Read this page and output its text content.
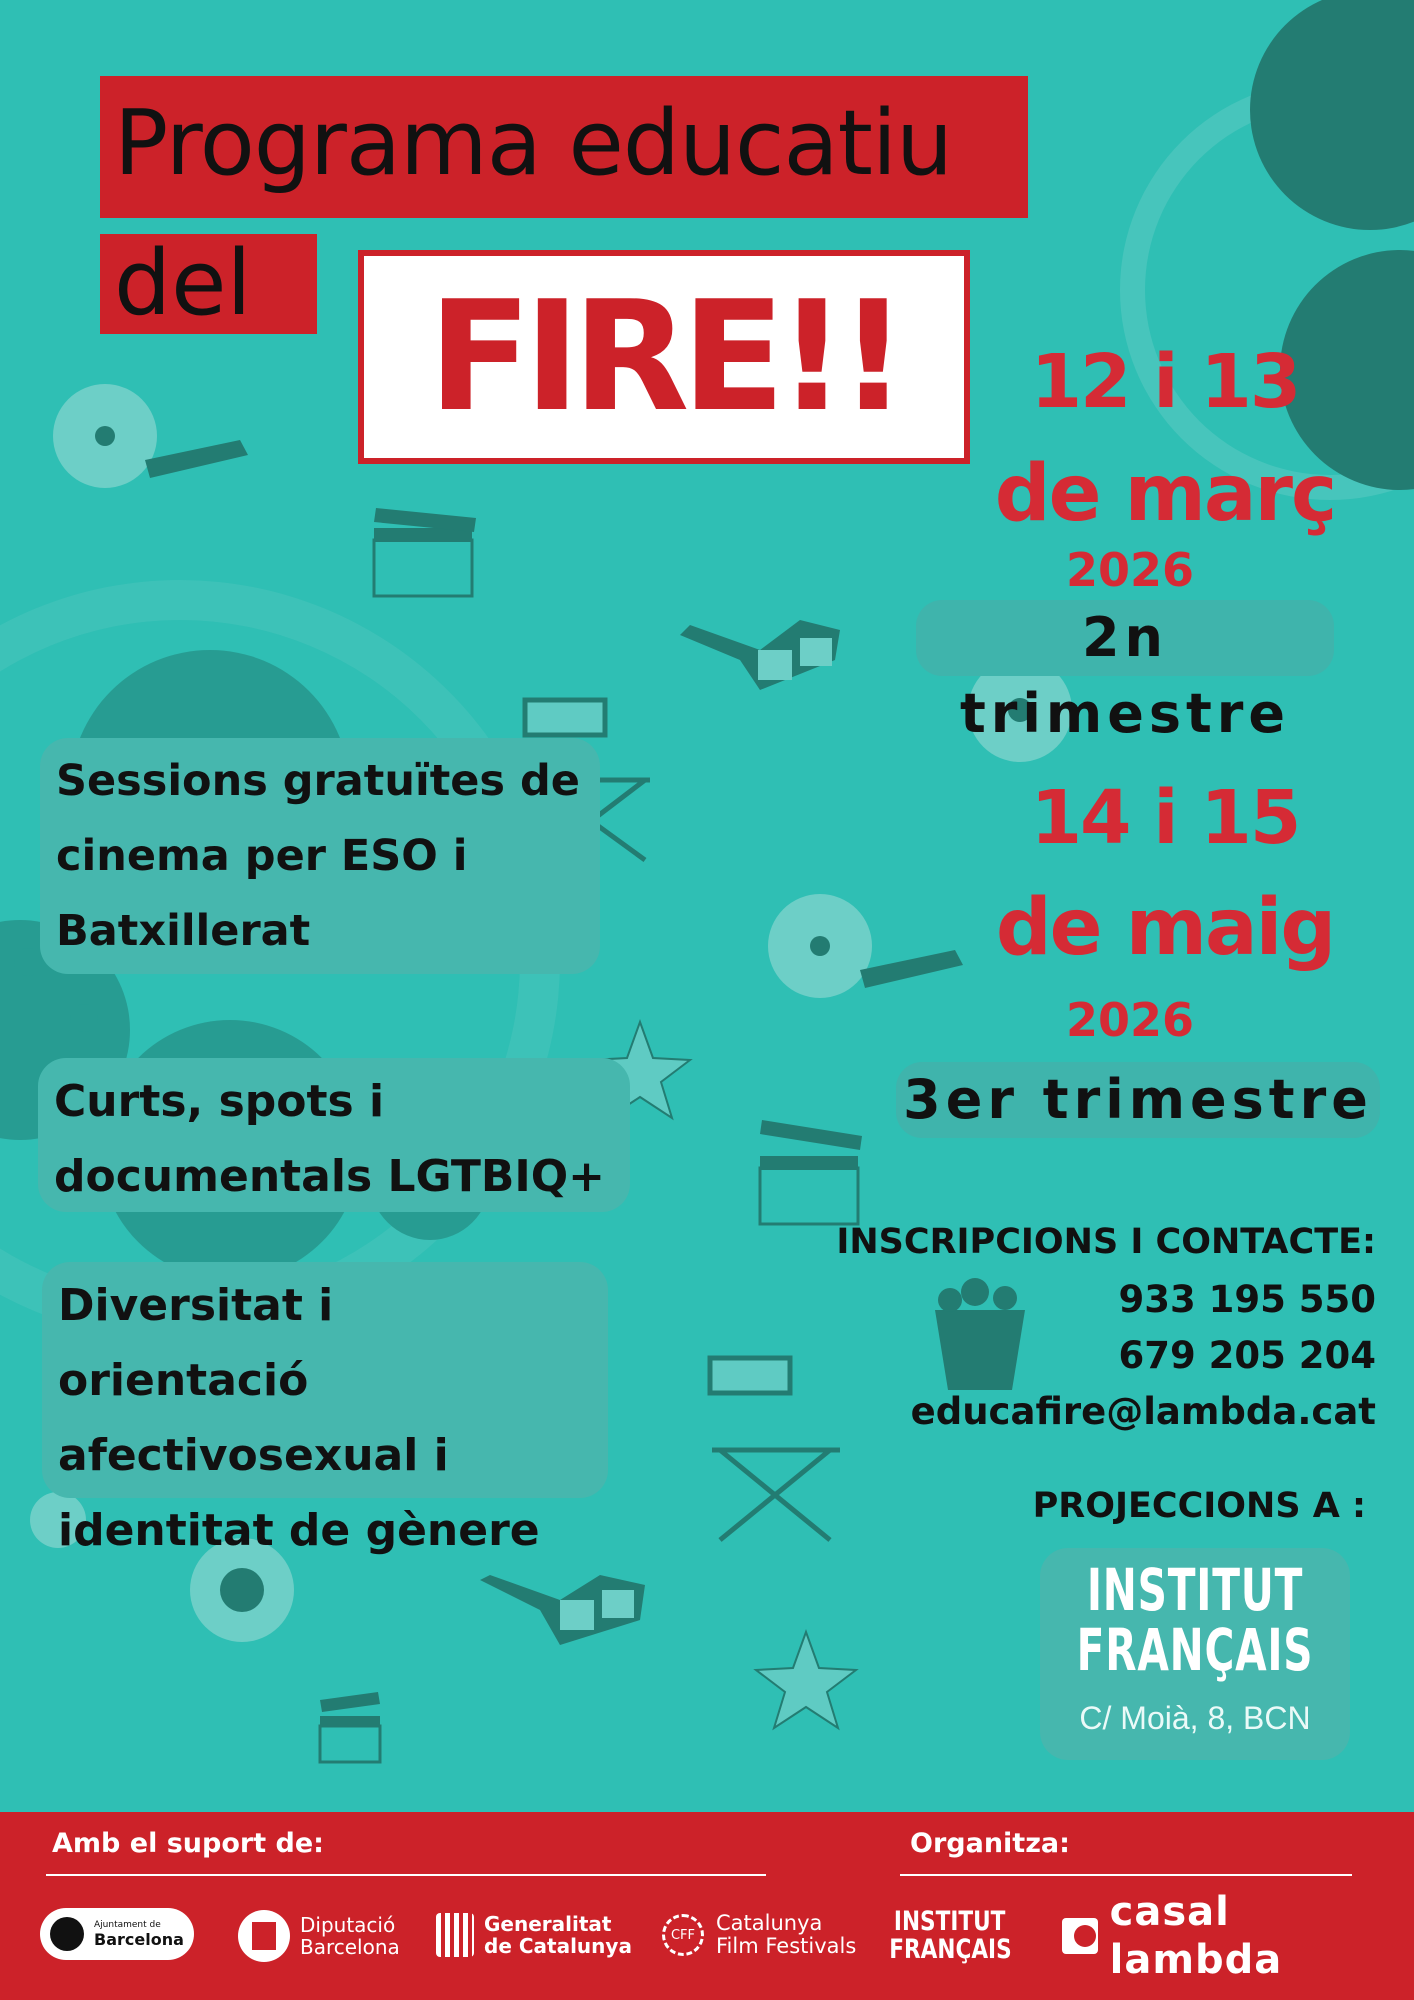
Programa educatiu
del FIRE!!	12 i 13
de març
2026
2n trimestre
14 i 15
de maig
2026
3er trimestre
Sessions gratuïtes de
cinema per ESO i
Batxillerat
Curts, spots i
documentals LGTBIQ+
Diversitat i orientació
afectivosexual i
identitat de gènere
INSCRIPCIONS I CONTACTE:
933 195 550
679 205 204
educafire@lambda.cat
PROJECCIONS A :
INSTITUT
FRANÇAIS
C/ Moià, 8, BCN
Amb el suport de:	Organitza:
Ajuntament de
Barcelona
Diputació
Barcelona
Generalitat
de Catalunya	CFF Catalunya
Film Festivals
INSTITUT
FRANÇAIS
casal lambda
